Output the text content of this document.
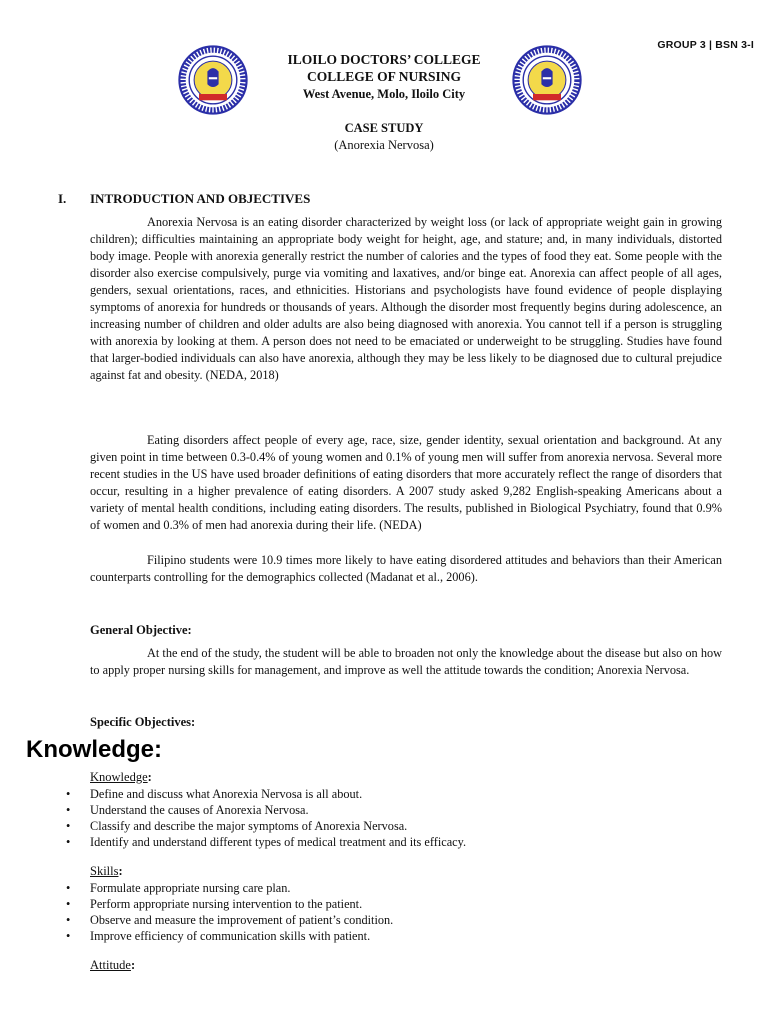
GROUP 3 | BSN 3-I
ILOILO DOCTORS’ COLLEGE
COLLEGE OF NURSING
West Avenue, Molo, Iloilo City
CASE STUDY
(Anorexia Nervosa)
I. INTRODUCTION AND OBJECTIVES
Anorexia Nervosa is an eating disorder characterized by weight loss (or lack of appropriate weight gain in growing children); difficulties maintaining an appropriate body weight for height, age, and stature; and, in many individuals, distorted body image. People with anorexia generally restrict the number of calories and the types of food they eat. Some people with the disorder also exercise compulsively, purge via vomiting and laxatives, and/or binge eat. Anorexia can affect people of all ages, genders, sexual orientations, races, and ethnicities. Historians and psychologists have found evidence of people displaying symptoms of anorexia for hundreds or thousands of years. Although the disorder most frequently begins during adolescence, an increasing number of children and older adults are also being diagnosed with anorexia. You cannot tell if a person is struggling with anorexia by looking at them. A person does not need to be emaciated or underweight to be struggling. Studies have found that larger-bodied individuals can also have anorexia, although they may be less likely to be diagnosed due to cultural prejudice against fat and obesity. (NEDA, 2018)
Eating disorders affect people of every age, race, size, gender identity, sexual orientation and background. At any given point in time between 0.3-0.4% of young women and 0.1% of young men will suffer from anorexia nervosa. Several more recent studies in the US have used broader definitions of eating disorders that more accurately reflect the range of disorders that occur, resulting in a higher prevalence of eating disorders. A 2007 study asked 9,282 English-speaking Americans about a variety of mental health conditions, including eating disorders. The results, published in Biological Psychiatry, found that 0.9% of women and 0.3% of men had anorexia during their life. (NEDA)
Filipino students were 10.9 times more likely to have eating disordered attitudes and behaviors than their American counterparts controlling for the demographics collected (Madanat et al., 2006).
General Objective:
At the end of the study, the student will be able to broaden not only the knowledge about the disease but also on how to apply proper nursing skills for management, and improve as well the attitude towards the condition; Anorexia Nervosa.
Specific Objectives:
Knowledge:
Knowledge:
• Define and discuss what Anorexia Nervosa is all about.
• Understand the causes of Anorexia Nervosa.
• Classify and describe the major symptoms of Anorexia Nervosa.
• Identify and understand different types of medical treatment and its efficacy.
Skills:
• Formulate appropriate nursing care plan.
• Perform appropriate nursing intervention to the patient.
• Observe and measure the improvement of patient’s condition.
• Improve efficiency of communication skills with patient.
Attitude:
